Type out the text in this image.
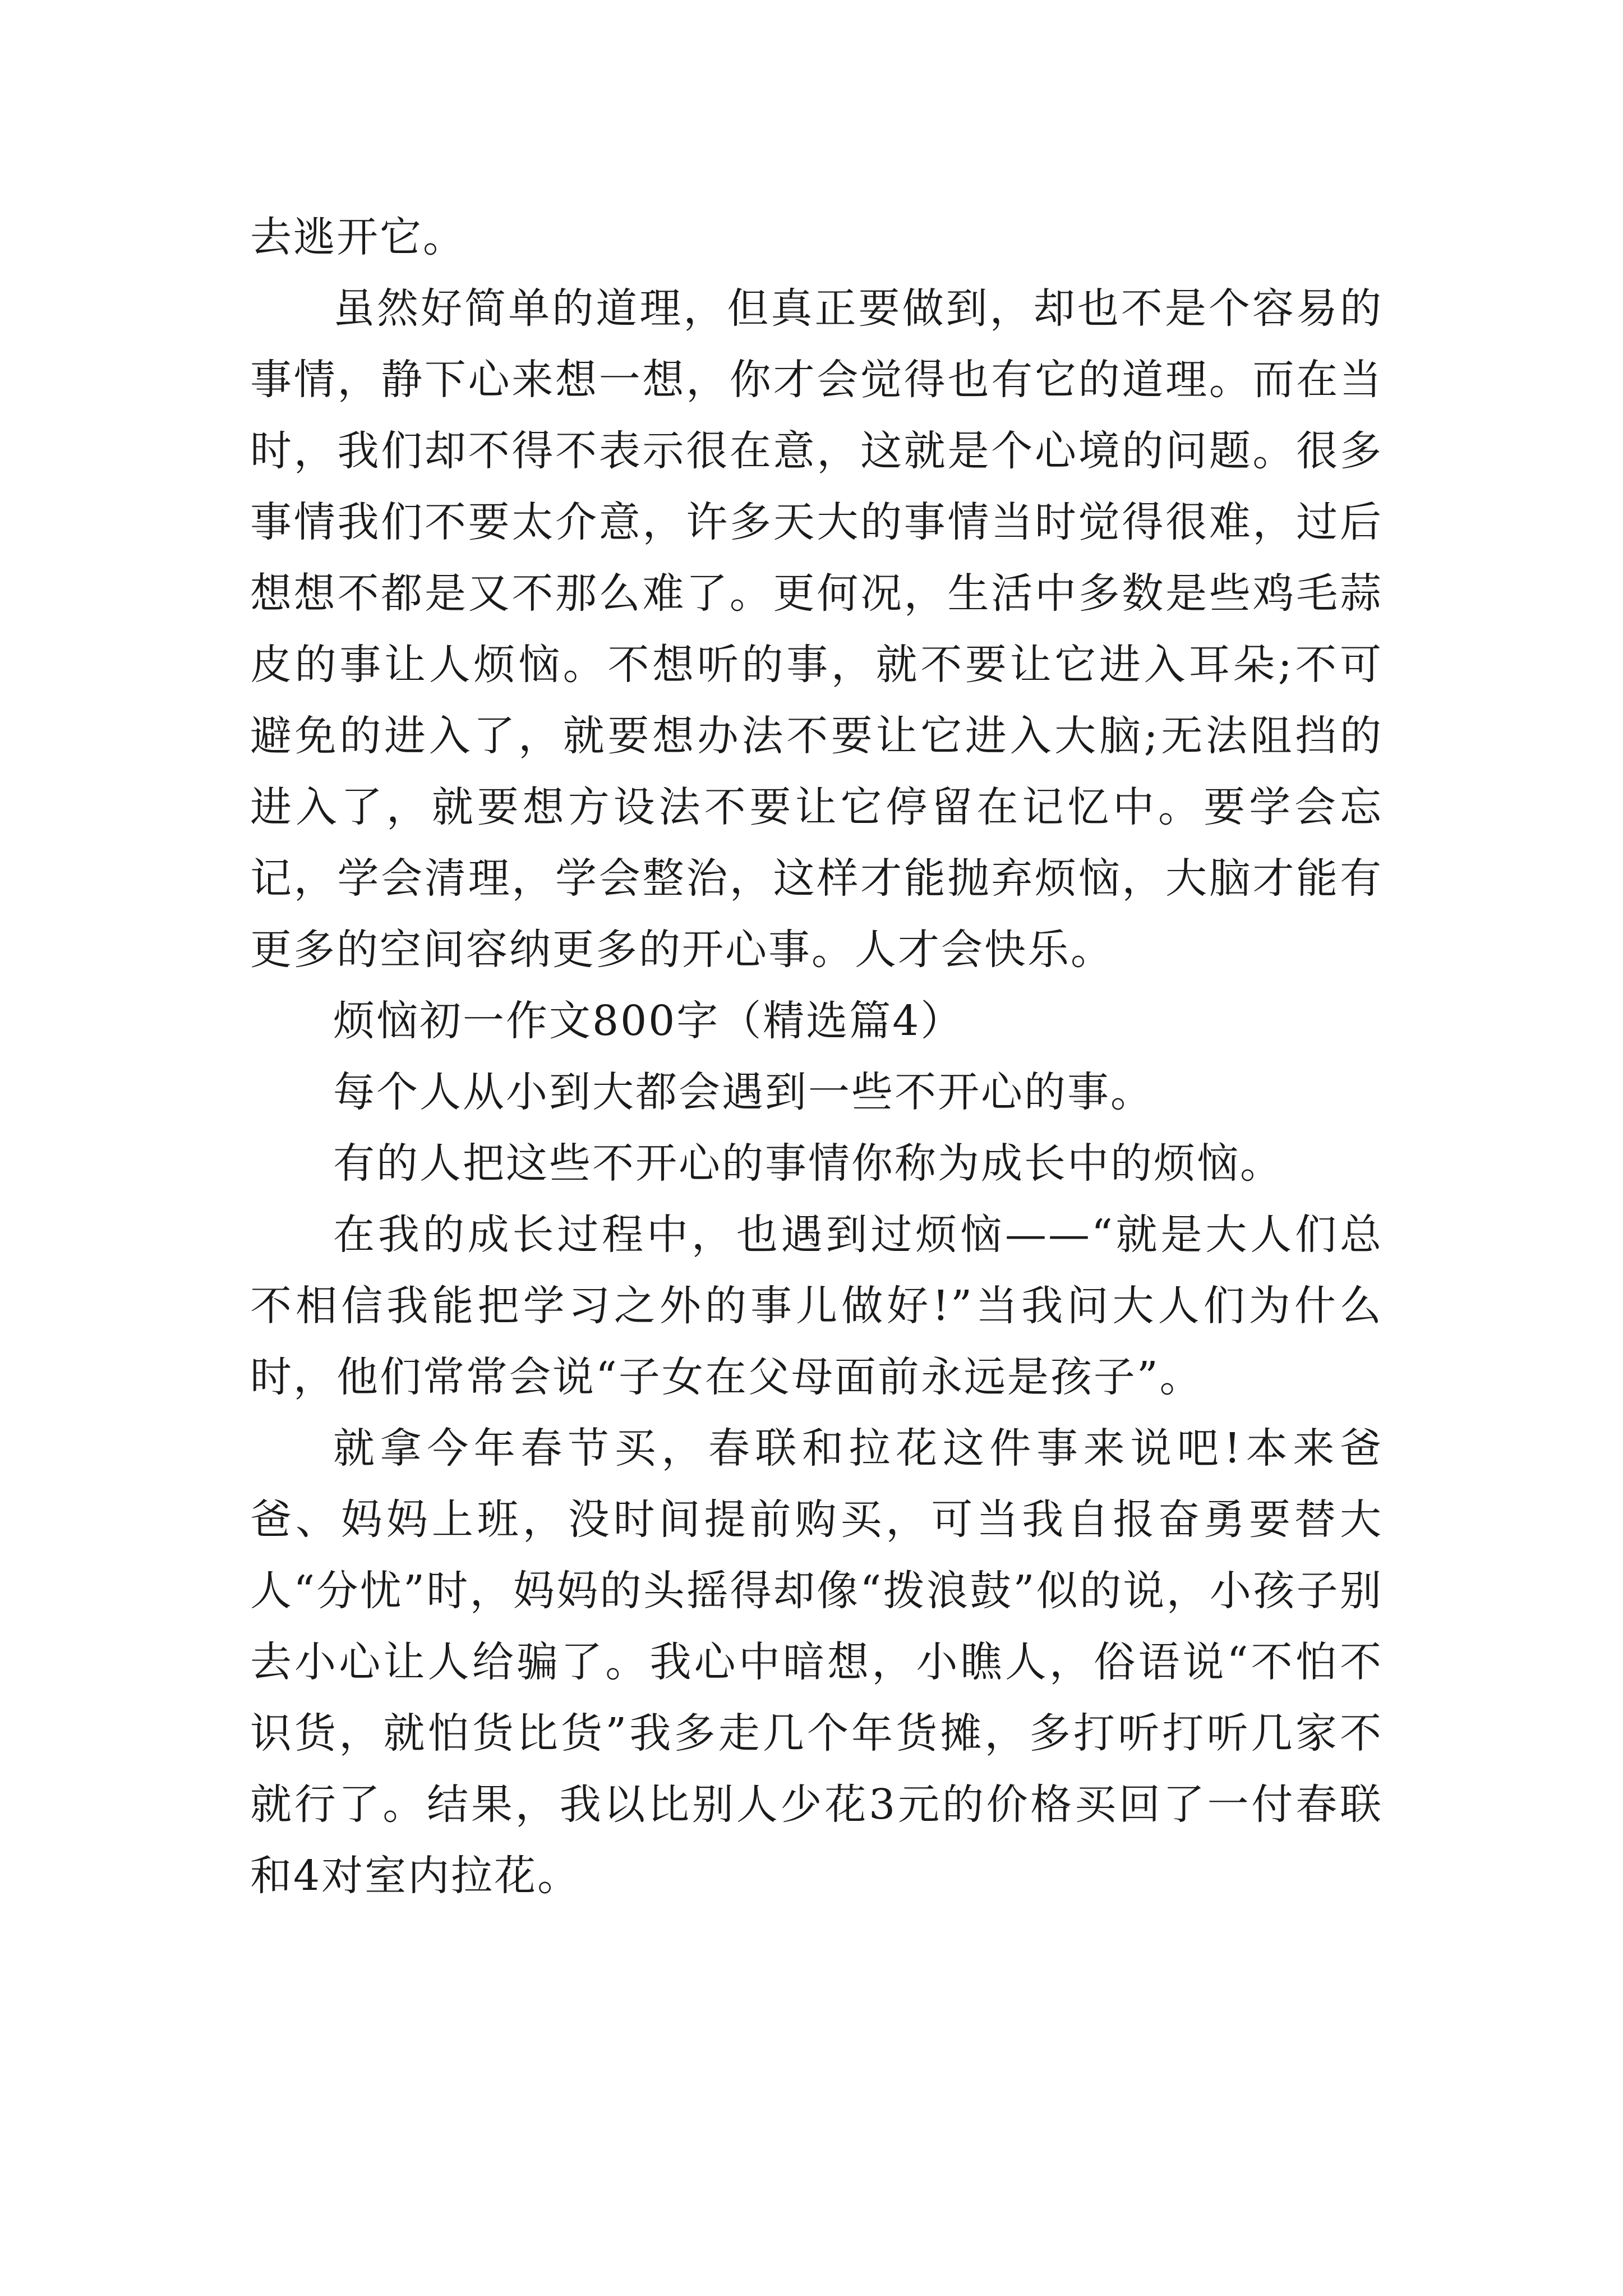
去逃开它。

虽然好简单的道理，但真正要做到，却也不是个容易的事情，静下心来想一想，你才会觉得也有它的道理。而在当时，我们却不得不表示很在意，这就是个心境的问题。很多事情我们不要太介意，许多天大的事情当时觉得很难，过后想想不都是又不那么难了。更何况，生活中多数是些鸡毛蒜皮的事让人烦恼。不想听的事，就不要让它进入耳朵;不可避免的进入了，就要想办法不要让它进入大脑;无法阻挡的进入了，就要想方设法不要让它停留在记忆中。要学会忘记，学会清理，学会整治，这样才能抛弃烦恼，大脑才能有更多的空间容纳更多的开心事。人才会快乐。

烦恼初一作文800字（精选篇4）

每个人从小到大都会遇到一些不开心的事。

有的人把这些不开心的事情你称为成长中的烦恼。

在我的成长过程中，也遇到过烦恼——“就是大人们总不相信我能把学习之外的事儿做好!”当我问大人们为什么时，他们常常会说“子女在父母面前永远是孩子”。

就拿今年春节买，春联和拉花这件事来说吧!本来爸爸、妈妈上班，没时间提前购买，可当我自报奋勇要替大人“分忧”时，妈妈的头摇得却像“拨浪鼓”似的说，小孩子别去小心让人给骗了。我心中暗想，小瞧人，俗语说“不怕不识货，就怕货比货”我多走几个年货摊，多打听打听几家不就行了。结果，我以比别人少花3元的价格买回了一付春联和4对室内拉花。
